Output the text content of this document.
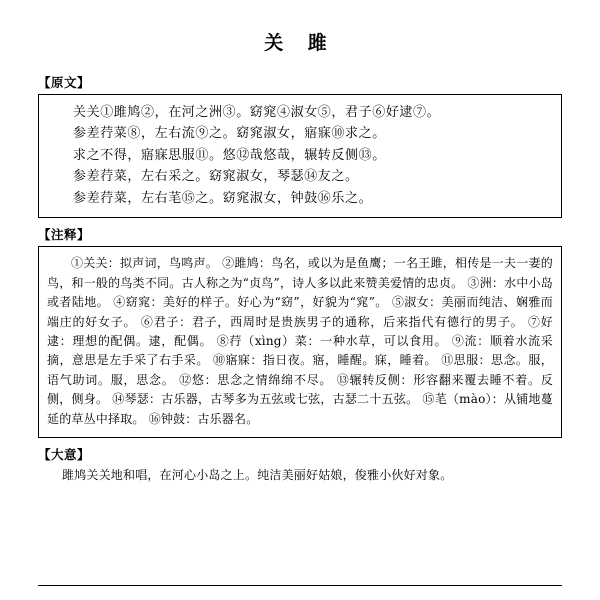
关 雎
【原文】
关关①雎鸠②，在河之洲③。窈窕④淑女⑤，君子⑥好逮⑦。
参差荇菜⑧，左右流⑨之。窈窕淑女，寤寐⑩求之。
求之不得，寤寐思服⑪。悠⑫哉悠哉，辗转反侧⑬。
参差荇菜，左右采之。窈窕淑女，琴瑟⑭友之。
参差荇菜，左右芼⑮之。窈窕淑女，钟鼓⑯乐之。
【注释】
①关关：拟声词，鸟鸣声。 ②雎鸠：鸟名，或以为是鱼鹰；一名王雎，相传是一夫一妻的鸟，和一般的鸟类不同。古人称之为“贞鸟”，诗人多以此来赞美爱情的忠贞。 ③洲：水中小岛或者陆地。 ④窈窕：美好的样子。好心为“窈”，好貌为“窕”。 ⑤淑女：美丽而纯洁、娴雅而端庄的好女子。 ⑥君子：君子，西周时是贵族男子的通称，后来指代有德行的男子。 ⑦好逮：理想的配偶。逮，配偶。 ⑧荇（xìng）菜：一种水草，可以食用。 ⑨流：顺着水流采摘，意思是左手采了右手采。 ⑩寤寐：指日夜。寤，睡醒。寐，睡着。 ⑪思服：思念。服，语气助词。服，思念。 ⑫悠：思念之情绵绵不尽。 ⑬辗转反侧：形容翻来覆去睡不着。反侧，侧身。 ⑭琴瑟：古乐器，古琴多为五弦或七弦，古瑟二十五弦。 ⑮芼（mào）：从铺地蔓延的草丛中择取。 ⑯钟鼓：古乐器名。
【大意】
雎鸠关关地和唱，在河心小岛之上。纯洁美丽好姑娘，俊雅小伙好对象。
